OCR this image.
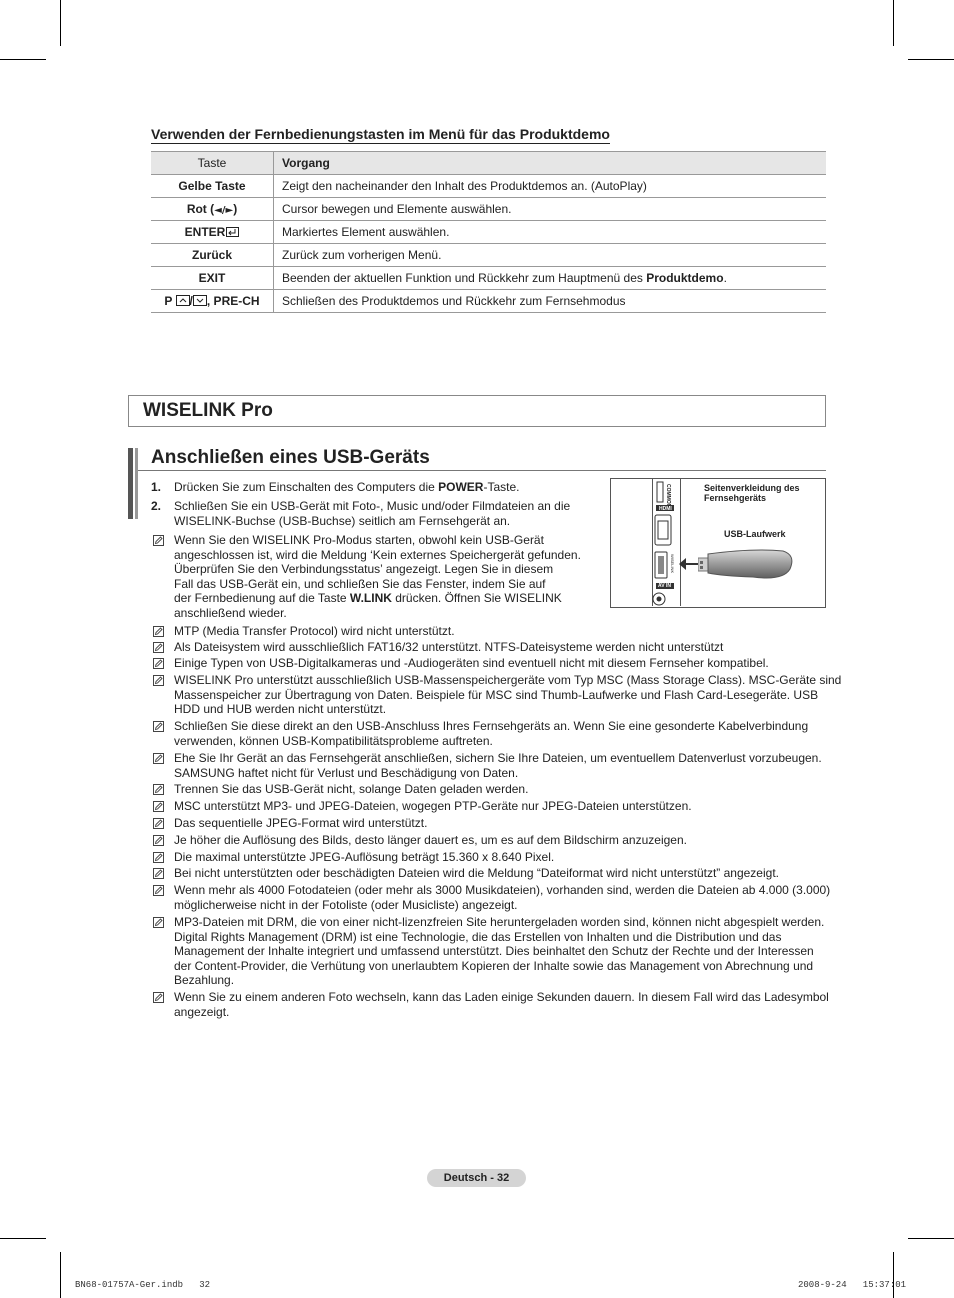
Verwenden der Fernbedienungstasten im Menü für das Produktdemo
Taste	Vorgang
Gelbe Taste	Zeigt den nacheinander den Inhalt des Produktdemos an. (AutoPlay)
Rot (◄/►)	Cursor bewegen und Elemente auswählen.
ENTER	Markiertes Element auswählen.
Zurück	Zurück zum vorherigen Menü.
EXIT	Beenden der aktuellen Funktion und Rückkehr zum Hauptmenü des Produktdemo.
P / , PRE-CH	Schließen des Produktdemos und Rückkehr zum Fernsehmodus
WISELINK Pro
Anschließen eines USB-Geräts
1. Drücken Sie zum Einschalten des Computers die POWER-Taste.
2. Schließen Sie ein USB-Gerät mit Foto-, Music und/oder Filmdateien an die
WISELINK-Buchse (USB-Buchse) seitlich am Fernsehgerät an.
Wenn Sie den WISELINK Pro-Modus starten, obwohl kein USB-Gerät
angeschlossen ist, wird die Meldung ‘Kein externes Speichergerät gefunden.
Überprüfen Sie den Verbindungsstatus’ angezeigt. Legen Sie in diesem
Fall das USB-Gerät ein, und schließen Sie das Fenster, indem Sie auf
der Fernbedienung auf die Taste W.LINK drücken. Öffnen Sie WISELINK
anschließend wieder.
COMMON
HDMI
WISELINK
AV IN
Seitenverkleidung des
Fernsehgeräts
USB-Laufwerk
MTP (Media Transfer Protocol) wird nicht unterstützt.
Als Dateisystem wird ausschließlich FAT16/32 unterstützt. NTFS-Dateisysteme werden nicht unterstützt
Einige Typen von USB-Digitalkameras und -Audiogeräten sind eventuell nicht mit diesem Fernseher kompatibel.
WISELINK Pro unterstützt ausschließlich USB-Massenspeichergeräte vom Typ MSC (Mass Storage Class). MSC-Geräte sind
Massenspeicher zur Übertragung von Daten. Beispiele für MSC sind Thumb-Laufwerke und Flash Card-Lesegeräte. USB
HDD und HUB werden nicht unterstützt.
Schließen Sie diese direkt an den USB-Anschluss Ihres Fernsehgeräts an. Wenn Sie eine gesonderte Kabelverbindung
verwenden, können USB-Kompatibilitätsprobleme auftreten.
Ehe Sie Ihr Gerät an das Fernsehgerät anschließen, sichern Sie Ihre Dateien, um eventuellem Datenverlust vorzubeugen.
SAMSUNG haftet nicht für Verlust und Beschädigung von Daten.
Trennen Sie das USB-Gerät nicht, solange Daten geladen werden.
MSC unterstützt MP3- und JPEG-Dateien, wogegen PTP-Geräte nur JPEG-Dateien unterstützen.
Das sequentielle JPEG-Format wird unterstützt.
Je höher die Auflösung des Bilds, desto länger dauert es, um es auf dem Bildschirm anzuzeigen.
Die maximal unterstützte JPEG-Auflösung beträgt 15.360 x 8.640 Pixel.
Bei nicht unterstützten oder beschädigten Dateien wird die Meldung “Dateiformat wird nicht unterstützt” angezeigt.
Wenn mehr als 4000 Fotodateien (oder mehr als 3000 Musikdateien), vorhanden sind, werden die Dateien ab 4.000 (3.000)
möglicherweise nicht in der Fotoliste (oder Musicliste) angezeigt.
MP3-Dateien mit DRM, die von einer nicht-lizenzfreien Site heruntergeladen worden sind, können nicht abgespielt werden.
Digital Rights Management (DRM) ist eine Technologie, die das Erstellen von Inhalten und die Distribution und das
Management der Inhalte integriert und umfassend unterstützt. Dies beinhaltet den Schutz der Rechte und der Interessen
der Content-Provider, die Verhütung von unerlaubtem Kopieren der Inhalte sowie das Management von Abrechnung und
Bezahlung.
Wenn Sie zu einem anderen Foto wechseln, kann das Laden einige Sekunden dauern. In diesem Fall wird das Ladesymbol
angezeigt.
Deutsch - 32
BN68-01757A-Ger.indb   32	2008-9-24   15:37:01
